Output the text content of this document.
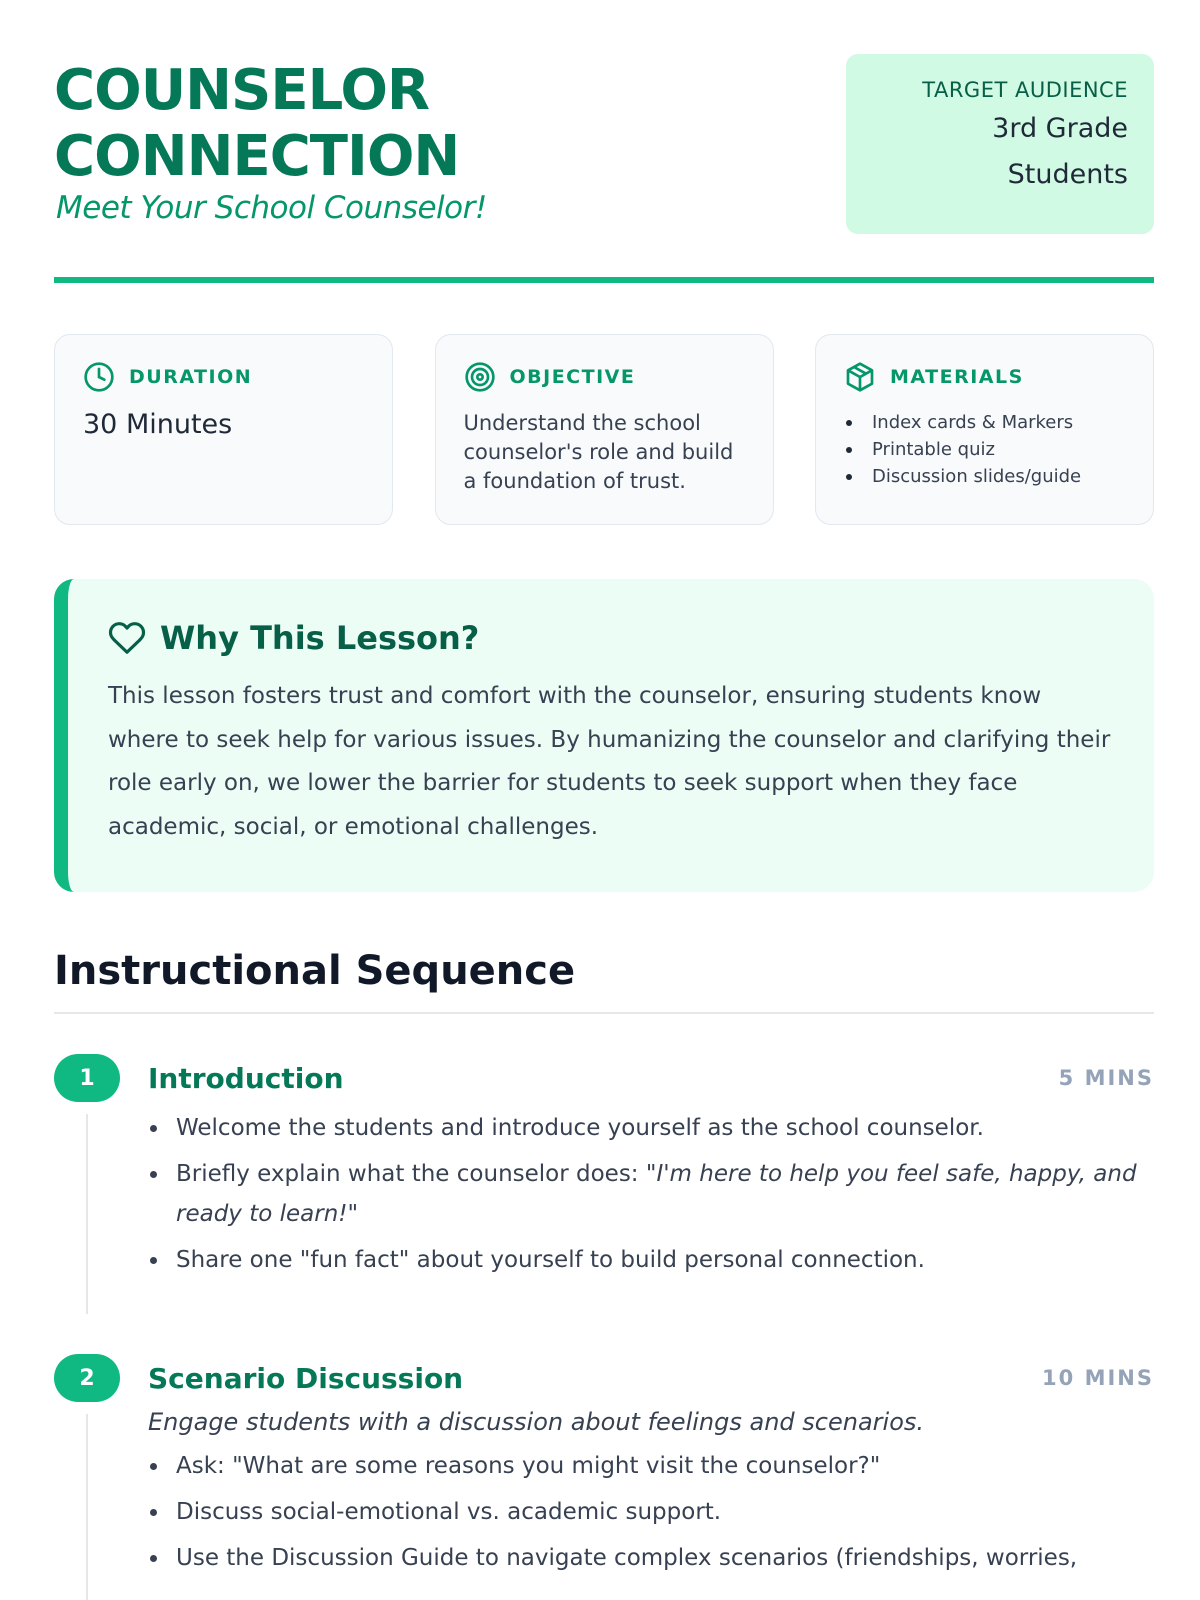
COUNSELOR
CONNECTION
Meet Your School Counselor!
TARGET AUDIENCE
3rd Grade
Students
DURATION
30 Minutes
OBJECTIVE
Understand the school counselor's role and build a foundation of trust.
MATERIALS
Index cards & Markers
Printable quiz
Discussion slides/guide
Why This Lesson?

This lesson fosters trust and comfort with the counselor, ensuring students know where to seek help for various issues. By humanizing the counselor and clarifying their role early on, we lower the barrier for students to seek support when they face academic, social, or emotional challenges.

Instructional Sequence
1	Introduction	5 MINS
Welcome the students and introduce yourself as the school counselor.
Briefly explain what the counselor does: "I'm here to help you feel safe, happy, and ready to learn!"
Share one "fun fact" about yourself to build personal connection.
2	Scenario Discussion	10 MINS

Engage students with a discussion about feelings and scenarios.

Ask: "What are some reasons you might visit the counselor?"
Discuss social-emotional vs. academic support.
Use the Discussion Guide to navigate complex scenarios (friendships, worries,
